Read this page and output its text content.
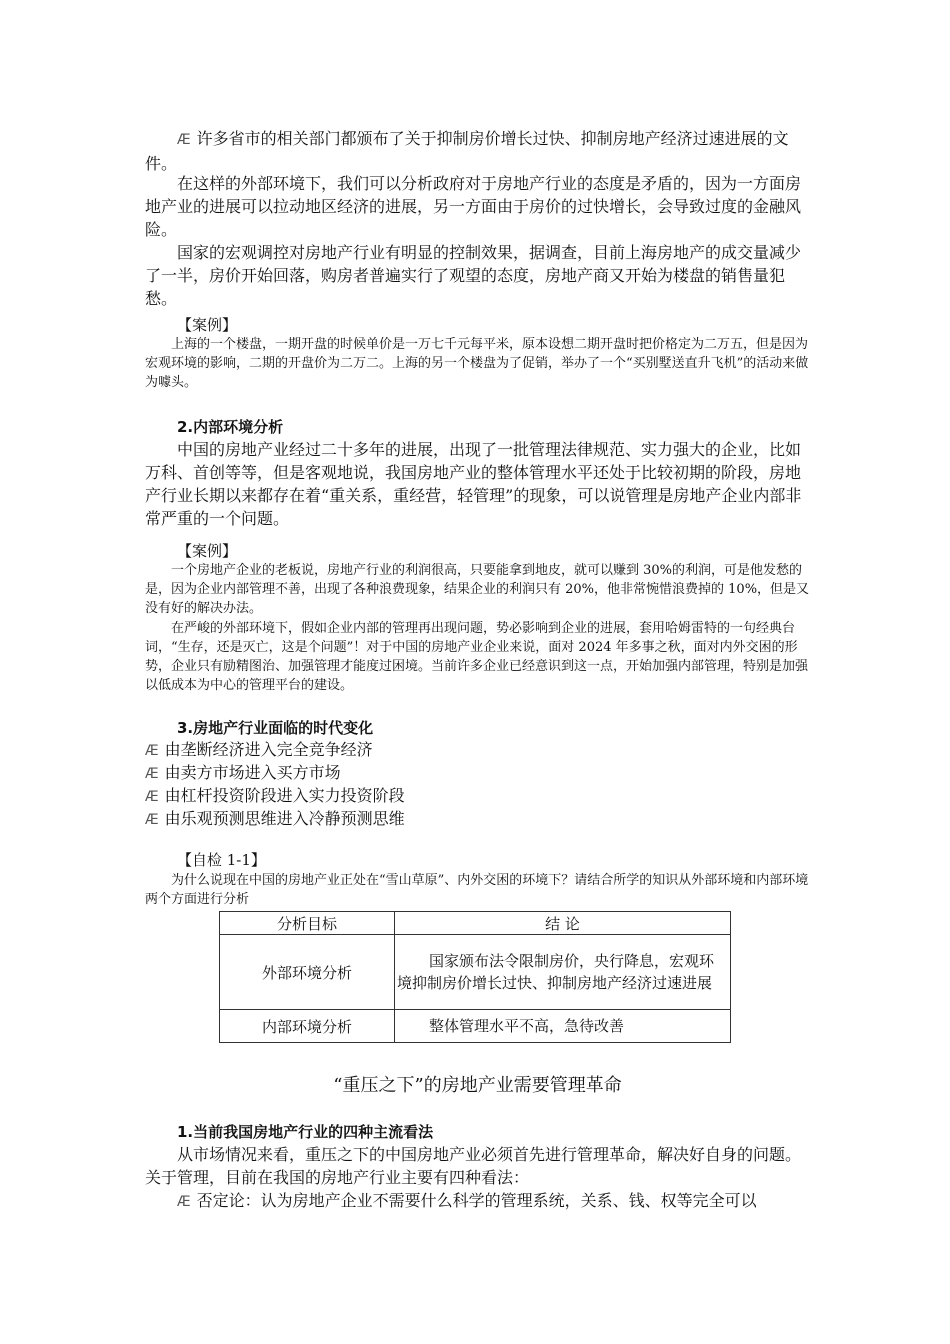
Æ 许多省市的相关部门都颁布了关于抑制房价增长过快、抑制房地产经济过速进展的文件。

在这样的外部环境下，我们可以分析政府对于房地产行业的态度是矛盾的，因为一方面房地产业的进展可以拉动地区经济的进展，另一方面由于房价的过快增长，会导致过度的金融风险。

国家的宏观调控对房地产行业有明显的控制效果，据调查，目前上海房地产的成交量减少了一半，房价开始回落，购房者普遍实行了观望的态度，房地产商又开始为楼盘的销售量犯愁。

【案例】

上海的一个楼盘，一期开盘的时候单价是一万七千元每平米，原本设想二期开盘时把价格定为二万五，但是因为宏观环境的影响，二期的开盘价为二万二。上海的另一个楼盘为了促销，举办了一个“买别墅送直升飞机”的活动来做为噱头。

2.内部环境分析

中国的房地产业经过二十多年的进展，出现了一批管理法律规范、实力强大的企业，比如万科、首创等等，但是客观地说，我国房地产业的整体管理水平还处于比较初期的阶段，房地产行业长期以来都存在着“重关系，重经营，轻管理”的现象，可以说管理是房地产企业内部非常严重的一个问题。

【案例】

一个房地产企业的老板说，房地产行业的利润很高，只要能拿到地皮，就可以赚到 30%的利润，可是他发愁的是，因为企业内部管理不善，出现了各种浪费现象，结果企业的利润只有 20%，他非常惋惜浪费掉的 10%，但是又没有好的解决办法。

在严峻的外部环境下，假如企业内部的管理再出现问题，势必影响到企业的进展，套用哈姆雷特的一句经典台词，“生存，还是灭亡，这是个问题”！对于中国的房地产业企业来说，面对 2024 年多事之秋，面对内外交困的形势，企业只有励精图治、加强管理才能度过困境。当前许多企业已经意识到这一点，开始加强内部管理，特别是加强以低成本为中心的管理平台的建设。

3.房地产行业面临的时代变化

Æ 由垄断经济进入完全竞争经济

Æ 由卖方市场进入买方市场

Æ 由杠杆投资阶段进入实力投资阶段

Æ 由乐观预测思维进入冷静预测思维

【自检 1-1】

为什么说现在中国的房地产业正处在“雪山草原”、内外交困的环境下？请结合所学的知识从外部环境和内部环境两个方面进行分析

分析目标	结 论
外部环境分析	国家颁布法令限制房价，央行降息，宏观环境抑制房价增长过快、抑制房地产经济过速进展
内部环境分析	整体管理水平不高，急待改善

“重压之下”的房地产业需要管理革命

1.当前我国房地产行业的四种主流看法

从市场情况来看，重压之下的中国房地产业必须首先进行管理革命，解决好自身的问题。关于管理，目前在我国的房地产行业主要有四种看法：

Æ 否定论：认为房地产企业不需要什么科学的管理系统，关系、钱、权等完全可以
